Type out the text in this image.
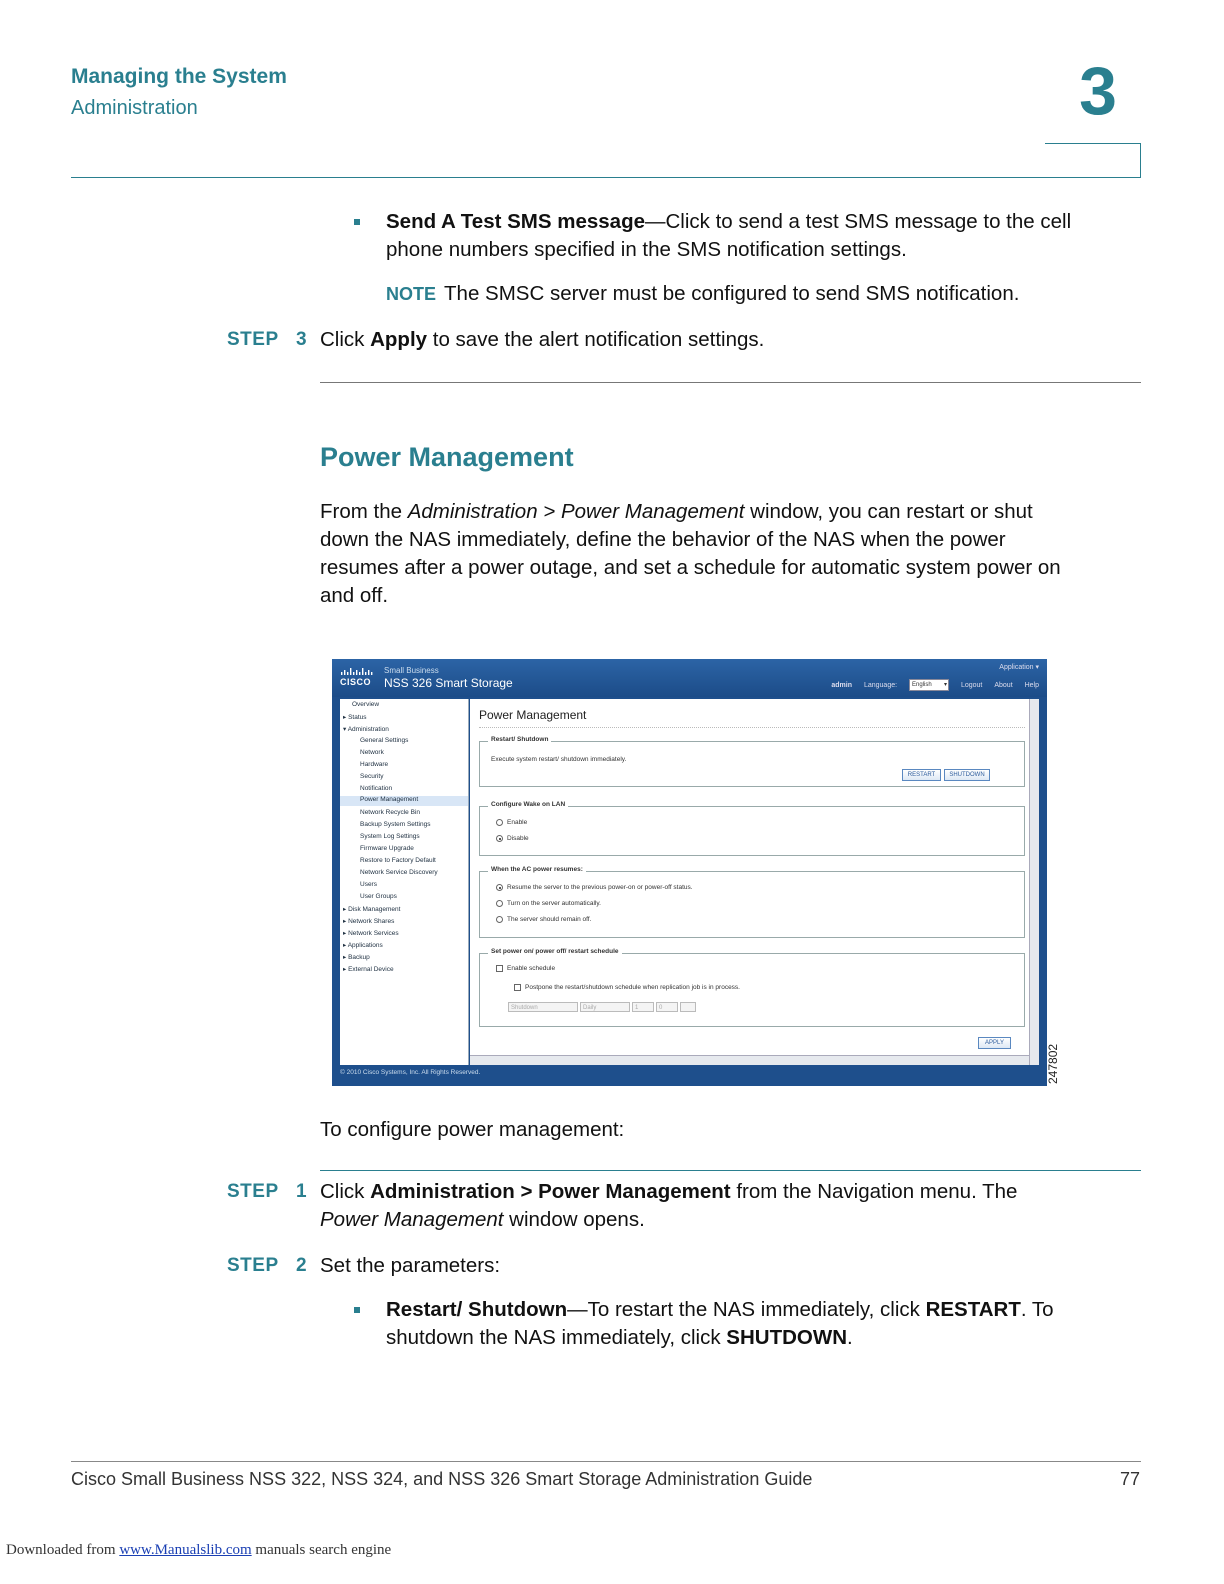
Managing the System
Administration	3
Send A Test SMS message—Click to send a test SMS message to the cell
phone numbers specified in the SMS notification settings.
NOTE The SMSC server must be configured to send SMS notification.
STEP 3 Click Apply to save the alert notification settings.
Power Management
From the Administration > Power Management window, you can restart or shut
down the NAS immediately, define the behavior of the NAS when the power
resumes after a power outage, and set a schedule for automatic system power on
and off.
CISCO
Small Business
NSS 326 Smart Storage
Application ▾
admin Language: English ▾	Logout About Help
Overview
▸ Status
▾ Administration
General Settings
Network
Hardware
Security
Notification
Power Management
Network Recycle Bin
Backup System Settings
System Log Settings
Firmware Upgrade
Restore to Factory Default
Network Service Discovery
Users
User Groups
▸ Disk Management
▸ Network Shares
▸ Network Services
▸ Applications
▸ Backup
▸ External Device
Power Management
Restart/ Shutdown
Execute system restart/ shutdown immediately.
RESTART	SHUTDOWN
Configure Wake on LAN
Enable
Disable
When the AC power resumes:
Resume the server to the previous power-on or power-off status.
Turn on the server automatically.
The server should remain off.
Set power on/ power off/ restart schedule
Enable schedule
Postpone the restart/shutdown schedule when replication job is in process.
Shutdown	Daily	1	0
APPLY
© 2010 Cisco Systems, Inc. All Rights Reserved.	247802
To configure power management:
STEP 1 Click Administration > Power Management from the Navigation menu. The
Power Management window opens.
STEP 2 Set the parameters:
Restart/ Shutdown—To restart the NAS immediately, click RESTART. To
shutdown the NAS immediately, click SHUTDOWN.
Cisco Small Business NSS 322, NSS 324, and NSS 326 Smart Storage Administration Guide	77
Downloaded from www.Manualslib.com manuals search engine
